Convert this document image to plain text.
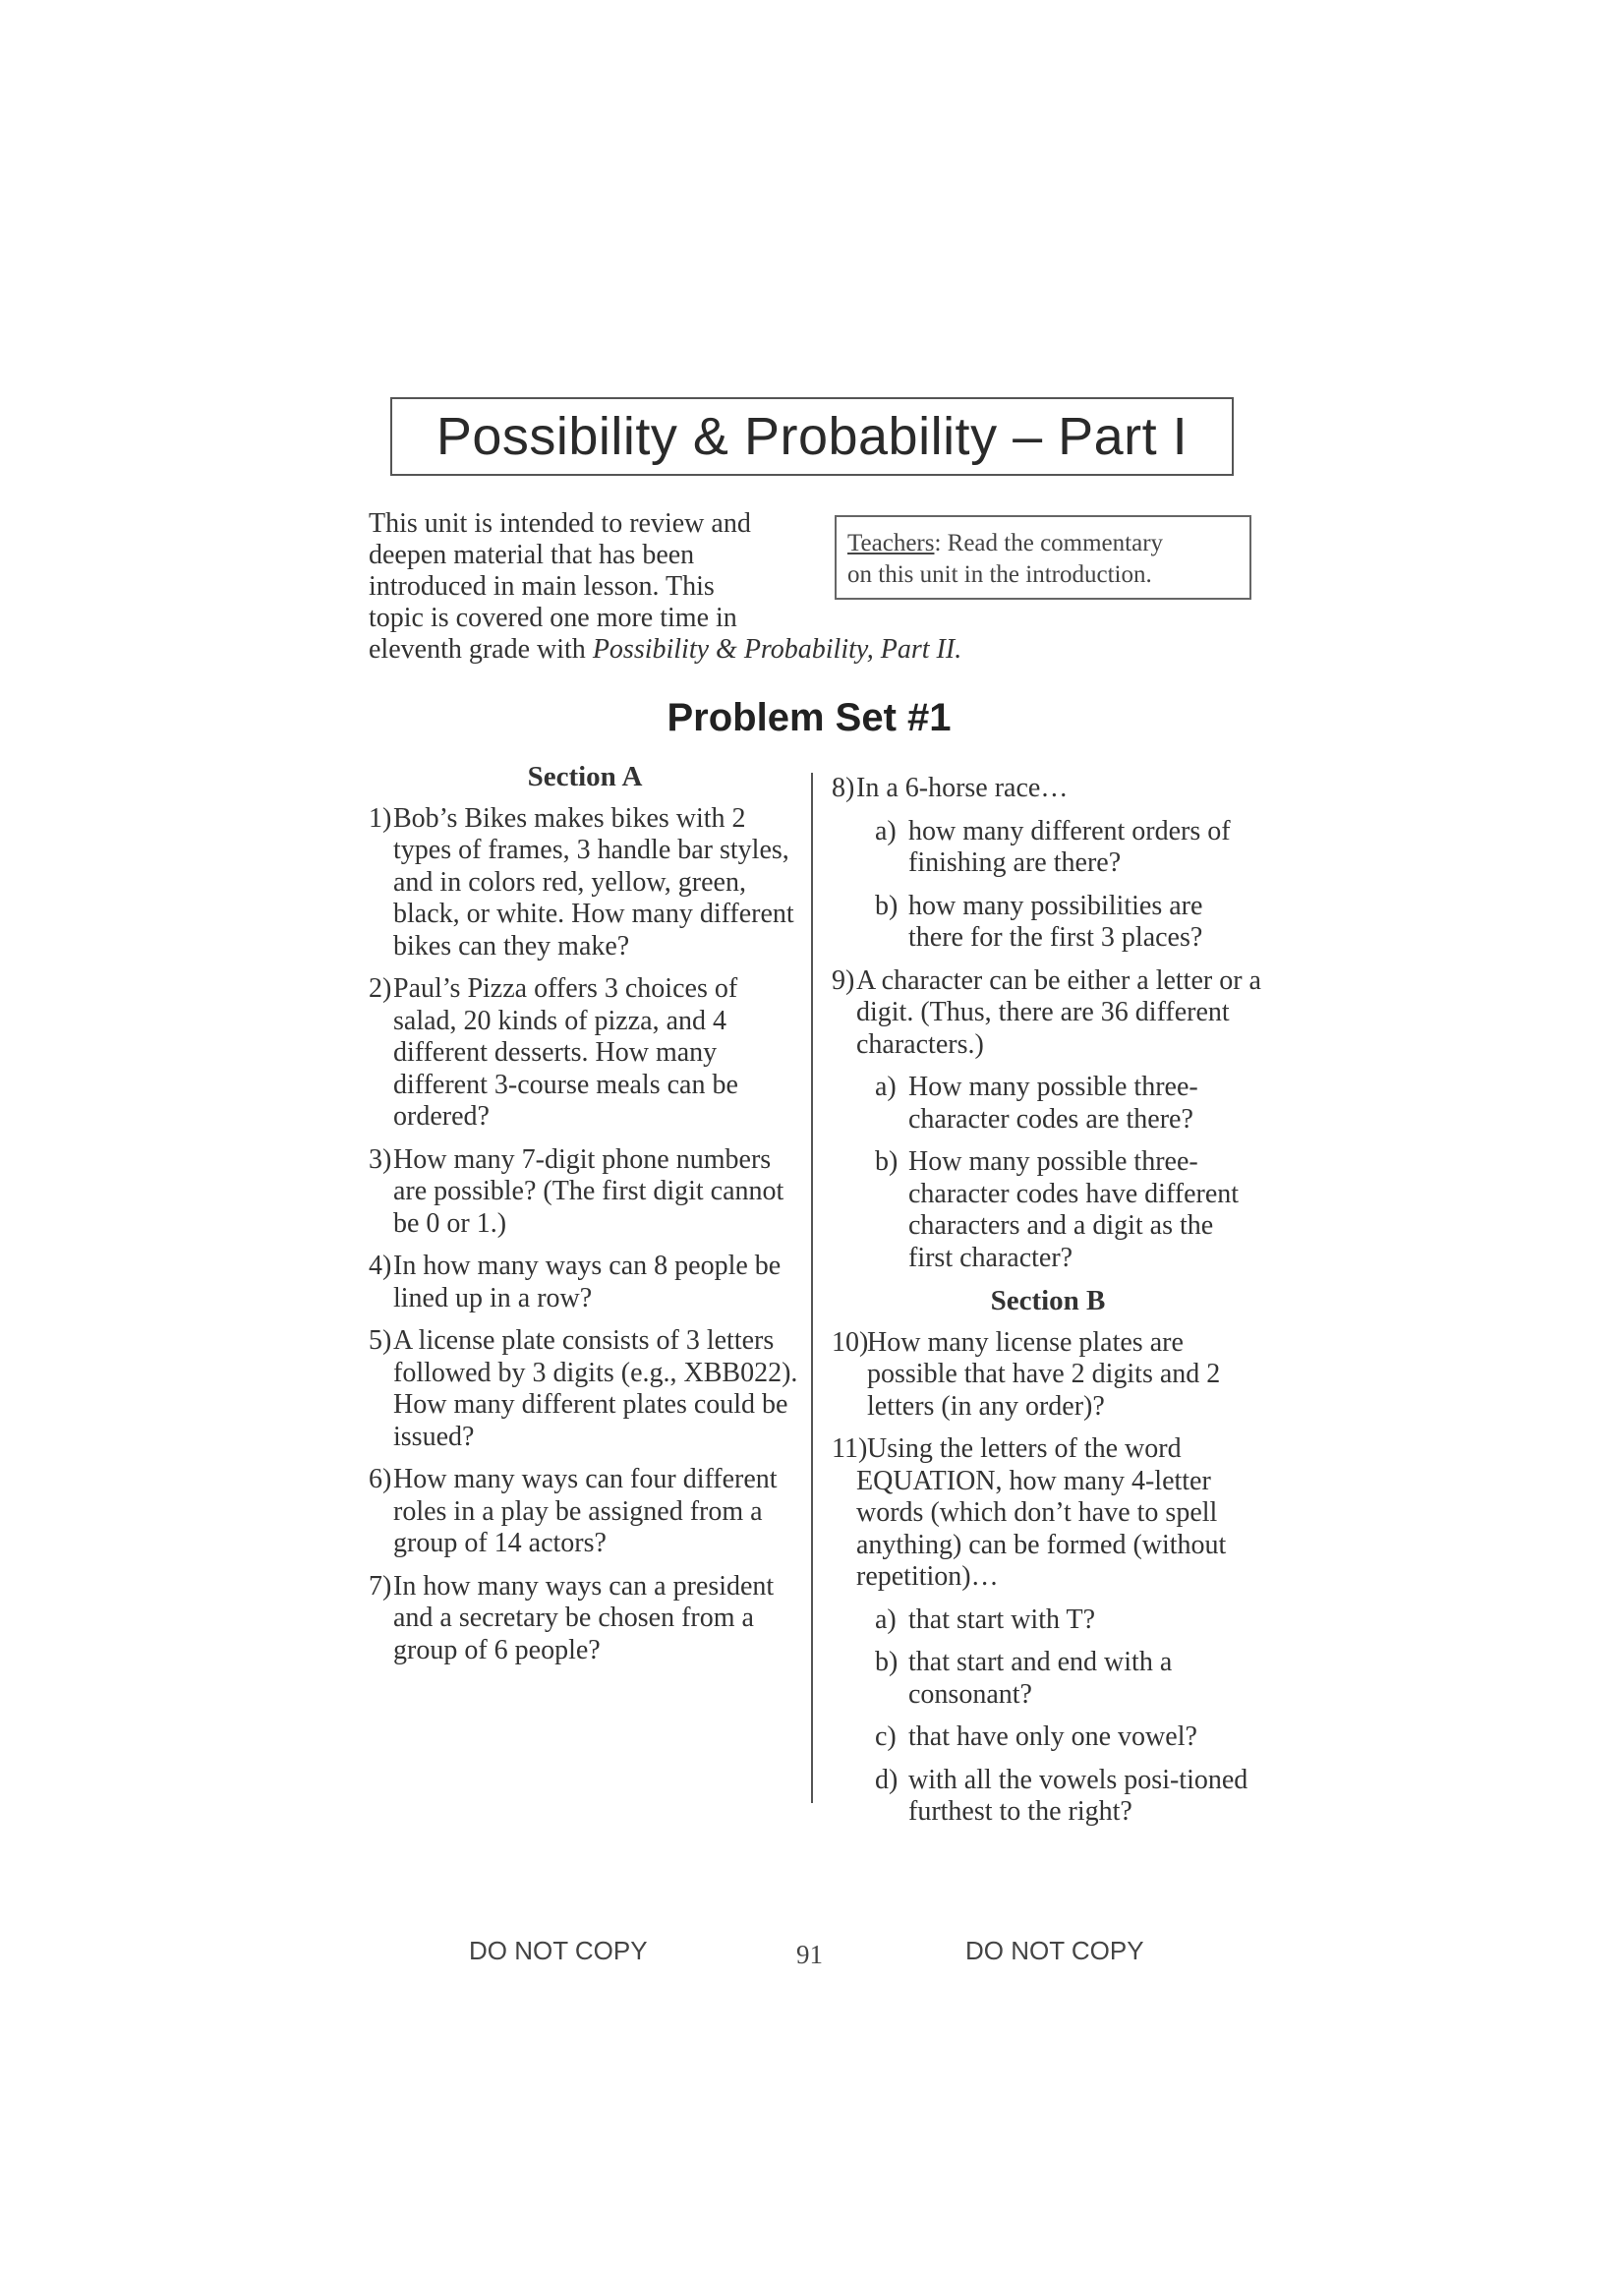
Possibility & Probability – Part I
This unit is intended to review and
deepen material that has been
introduced in main lesson. This
topic is covered one more time in
eleventh grade with Possibility & Probability, Part II.
Teachers: Read the commentary
on this unit in the introduction.
Problem Set #1
Section A
1)Bob’s Bikes makes bikes with 2 types of frames, 3 handle bar styles, and in colors red, yellow, green, black, or white. How many different bikes can they make?
2)Paul’s Pizza offers 3 choices of salad, 20 kinds of pizza, and 4 different desserts. How many different 3-course meals can be ordered?
3)How many 7-digit phone numbers are possible? (The first digit cannot be 0 or 1.)
4)In how many ways can 8 people be lined up in a row?
5)A license plate consists of 3 letters followed by 3 digits (e.g., XBB022). How many different plates could be issued?
6)How many ways can four different roles in a play be assigned from a group of 14 actors?
7)In how many ways can a president and a secretary be chosen from a group of 6 people?
8)In a 6-horse race…
a) how many different orders of finishing are there?
b) how many possibilities are there for the first 3 places?
9)A character can be either a letter or a digit. (Thus, there are 36 different characters.)
a) How many possible three-character codes are there?
b) How many possible three-character codes have different characters and a digit as the first character?
Section B
10)How many license plates are possible that have 2 digits and 2 letters (in any order)?
11)Using the letters of the word EQUATION, how many 4-letter words (which don’t have to spell anything) can be formed (without repetition)…
a) that start with T?
b) that start and end with a consonant?
c) that have only one vowel?
d) with all the vowels posi-tioned furthest to the right?
DO NOT COPY	91	DO NOT COPY
